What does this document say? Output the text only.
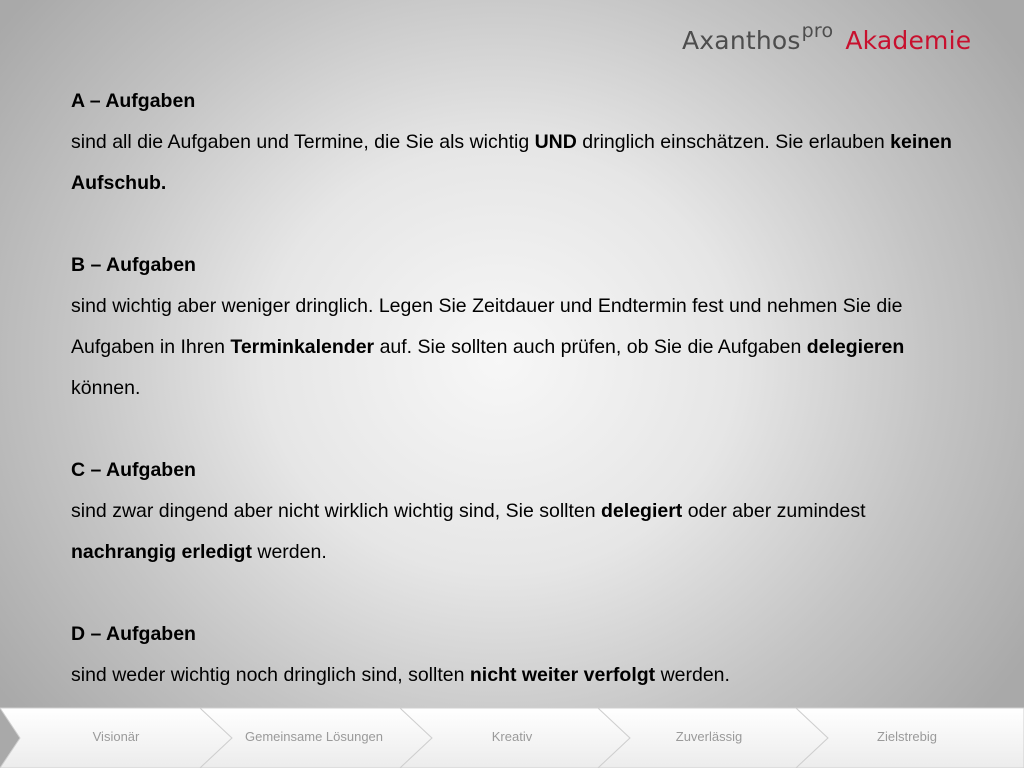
Axanthos$^{pro}$ Akademie
A – Aufgaben
sind all die Aufgaben und Termine, die Sie als wichtig UND dringlich einschätzen. Sie erlauben keinen Aufschub.
B – Aufgaben
sind wichtig aber weniger dringlich. Legen Sie Zeitdauer und Endtermin fest und nehmen Sie die Aufgaben in Ihren Terminkalender auf. Sie sollten auch prüfen, ob Sie die Aufgaben delegieren können.
C – Aufgaben
sind zwar dingend aber nicht wirklich wichtig sind, Sie sollten delegiert oder aber zumindest nachrangig erledigt werden.
D – Aufgaben
sind weder wichtig noch dringlich sind, sollten nicht weiter verfolgt werden.
Visionär	Gemeinsame Lösungen	Kreativ	Zuverlässig	Zielstrebig
